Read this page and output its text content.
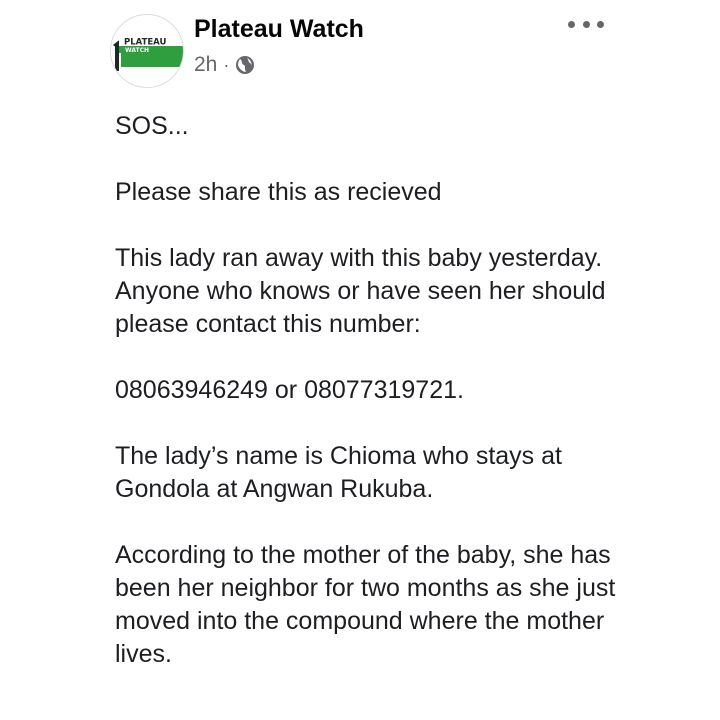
PLATEAU
WATCH
Plateau Watch
2h ·

SOS...

Please share this as recieved

This lady ran away with this baby yesterday. Anyone who knows or have seen her should please contact this number:

08063946249 or 08077319721.

The lady’s name is Chioma who stays at Gondola at Angwan Rukuba.

According to the mother of the baby, she has been her neighbor for two months as she just moved into the compound where the mother lives.
